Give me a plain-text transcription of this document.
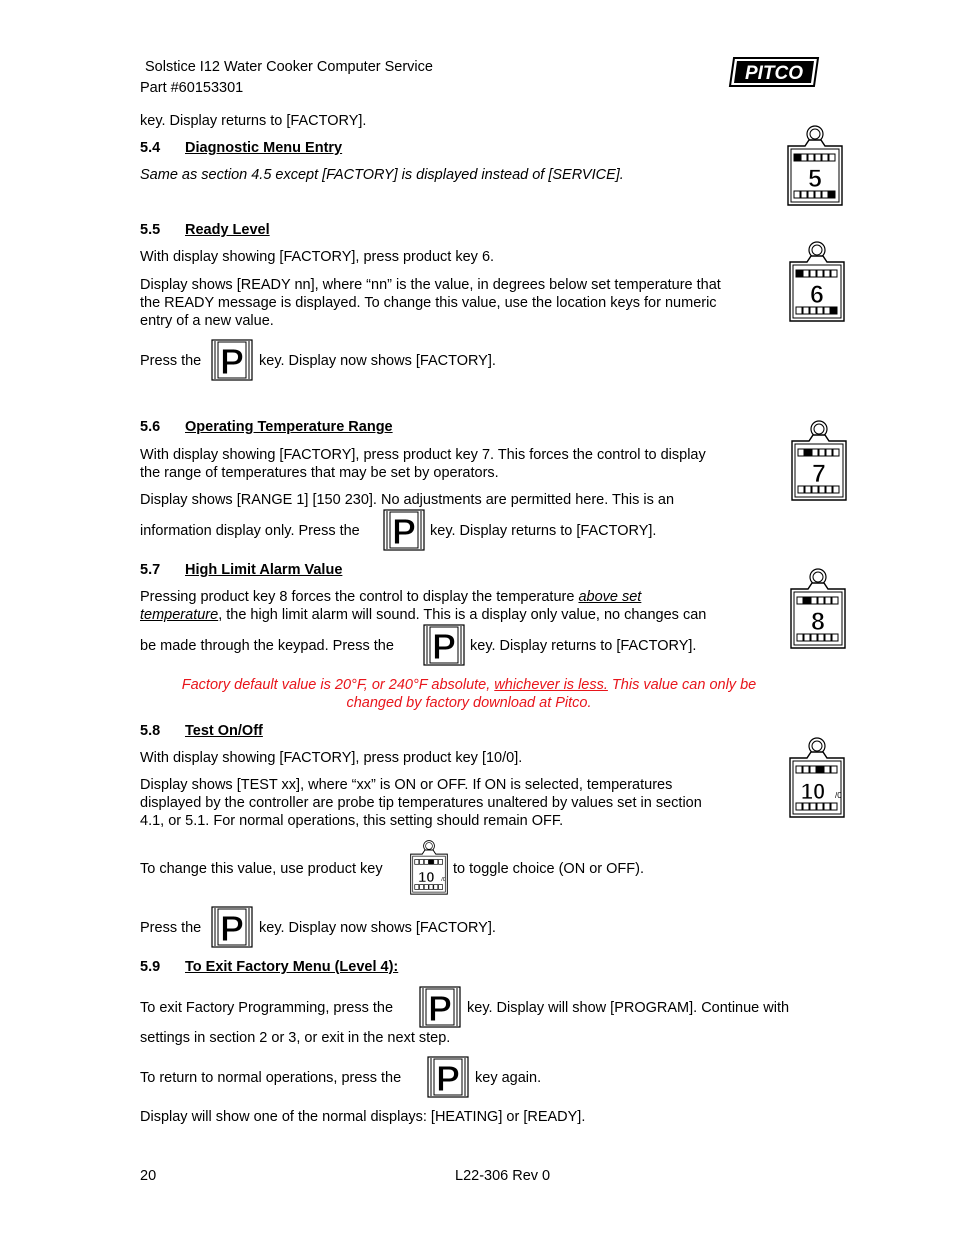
Solstice I12 Water Cooker Computer Service
Part #60153301
PITCO
key. Display returns to [FACTORY].
5.4 Diagnostic Menu Entry
Same as section 4.5 except [FACTORY] is displayed instead of [SERVICE].
5.5 Ready Level
With display showing [FACTORY], press product key 6.
Display shows [READY nn], where “nn” is the value, in degrees below set temperature that
the READY message is displayed. To change this value, use the location keys for numeric
entry of a new value.
Press the P key. Display now shows [FACTORY].
5.6 Operating Temperature Range
With display showing [FACTORY], press product key 7. This forces the control to display
the range of temperatures that may be set by operators.
Display shows [RANGE 1] [150 230]. No adjustments are permitted here. This is an
information display only. Press the P key. Display returns to [FACTORY].
5.7 High Limit Alarm Value
Pressing product key 8 forces the control to display the temperature above set
temperature, the high limit alarm will sound. This is a display only value, no changes can
be made through the keypad. Press the P key. Display returns to [FACTORY].
Factory default value is 20°F, or 240°F absolute, whichever is less. This value can only be
changed by factory download at Pitco.
5.8 Test On/Off
With display showing [FACTORY], press product key [10/0].
Display shows [TEST xx], where “xx” is ON or OFF. If ON is selected, temperatures
displayed by the controller are probe tip temperatures unaltered by values set in section
4.1, or 5.1. For normal operations, this setting should remain OFF.
To change this value, use product key	to toggle choice (ON or OFF).
Press the P key. Display now shows [FACTORY].
5.9 To Exit Factory Menu (Level 4):
To exit Factory Programming, press the P key. Display will show [PROGRAM]. Continue with
settings in section 2 or 3, or exit in the next step.
To return to normal operations, press the P key again.
Display will show one of the normal displays: [HEATING] or [READY].
5
6
7
8
10 /0
10 /0
20	L22-306 Rev 0
